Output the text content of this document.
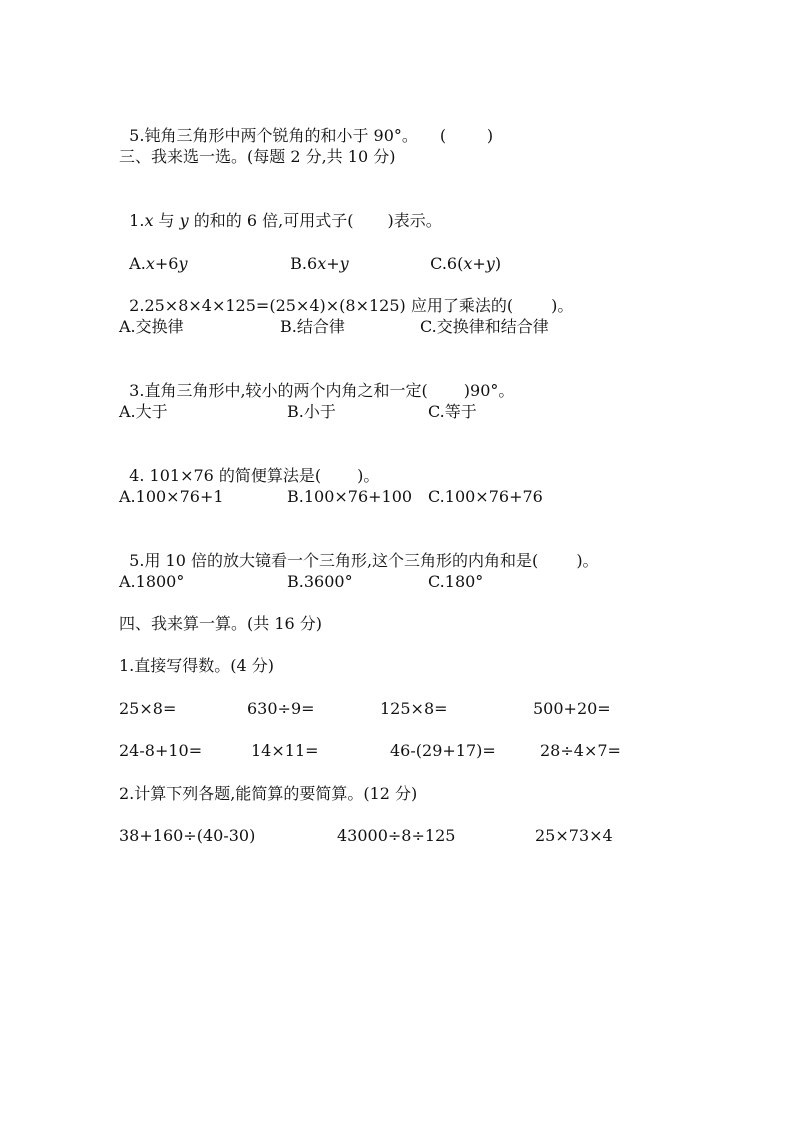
5.钝角三角形中两个锐角的和小于 90°。 (        )

三、我来选一选。(每题 2 分,共 10 分)

1.x 与 y 的和的 6 倍,可用式子( )表示。

A.x+6y	B.6x+y	C.6(x+y)

2.25×8×4×125=(25×4)×(8×125) 应用了乘法的( )。

A.交换律	B.结合律	C.交换律和结合律

3.直角三角形中,较小的两个内角之和一定( )90°。

A.大于	B.小于	C.等于

4. 101×76 的简便算法是( )。

A.100×76+1	B.100×76+100 C.100×76+76

5.用 10 倍的放大镜看一个三角形,这个三角形的内角和是( )。

A.1800°	B.3600°	C.180°
四、我来算一算。(共 16 分)
1.直接写得数。(4 分)
25×8=	630÷9=	125×8=	500+20=
24-8+10=	14×11=	46-(29+17)=	28÷4×7=
2.计算下列各题,能简算的要简算。(12 分)
38+160÷(40-30)	43000÷8÷125	25×73×4
